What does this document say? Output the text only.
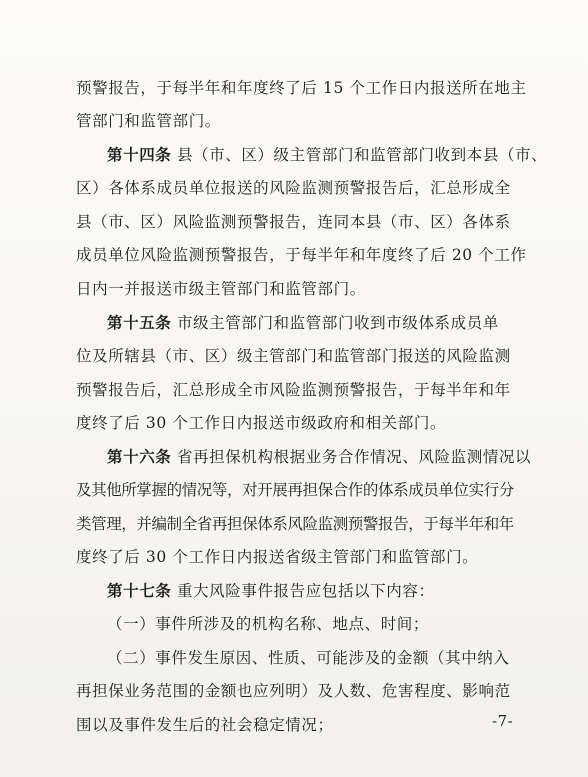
预警报告，于每半年和年度终了后 15 个工作日内报送所在地主
管部门和监管部门。
第十四条 县（市、区）级主管部门和监管部门收到本县（市、
区）各体系成员单位报送的风险监测预警报告后，汇总形成全
县（市、区）风险监测预警报告，连同本县（市、区）各体系
成员单位风险监测预警报告，于每半年和年度终了后 20 个工作
日内一并报送市级主管部门和监管部门。
第十五条 市级主管部门和监管部门收到市级体系成员单
位及所辖县（市、区）级主管部门和监管部门报送的风险监测
预警报告后，汇总形成全市风险监测预警报告，于每半年和年
度终了后 30 个工作日内报送市级政府和相关部门。
第十六条 省再担保机构根据业务合作情况、风险监测情况以
及其他所掌握的情况等，对开展再担保合作的体系成员单位实行分
类管理，并编制全省再担保体系风险监测预警报告，于每半年和年
度终了后 30 个工作日内报送省级主管部门和监管部门。
第十七条 重大风险事件报告应包括以下内容：
（一）事件所涉及的机构名称、地点、时间；
（二）事件发生原因、性质、可能涉及的金额（其中纳入
再担保业务范围的金额也应列明）及人数、危害程度、影响范
围以及事件发生后的社会稳定情况；	-7-
